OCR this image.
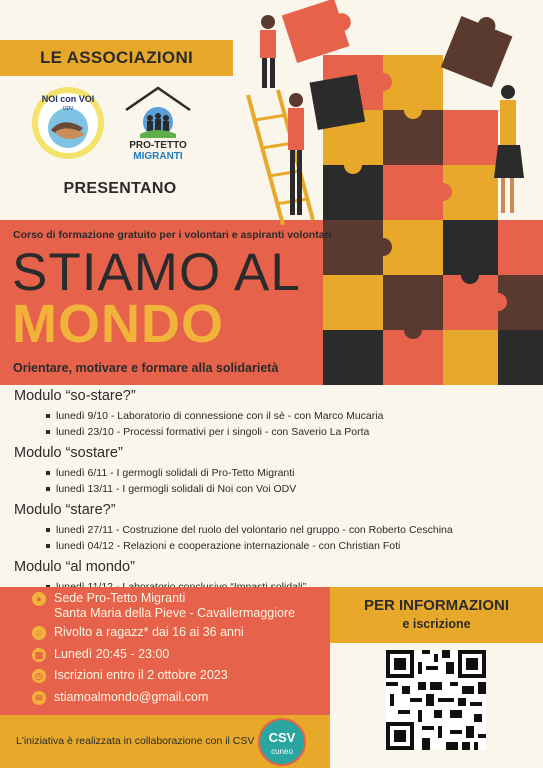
LE ASSOCIAZIONI
NOI con VOI
ODV
PRO-TETTO
MIGRANTI
PRESENTANO
Corso di formazione gratuito per i volontari e aspiranti volontari
STIAMO AL
MONDO
Orientare, motivare e formare alla solidarietà
Modulo “so-stare?”
lunedì 9/10 - Laboratorio di connessione con il sè - con Marco Mucaria
lunedì 23/10 - Processi formativi per i singoli - con Saverio La Porta
Modulo “sostare”
lunedì 6/11 - I germogli solidali di Pro-Tetto Migranti
lunedì 13/11 - I germogli solidali di Noi con Voi ODV
Modulo “stare?”
lunedì 27/11 - Costruzione del ruolo del volontario nel gruppo - con Roberto Ceschina
lunedì 04/12 - Relazioni e cooperazione internazionale - con Christian Foti
Modulo “al mondo”
● Sede Pro-Tetto Migranti
Santa Maria della Pieve - Cavallermaggiore
☺ Rivolto a ragazz* dai 16 ai 36 anni
▦ Lunedì 20:45 - 23:00
◷ Iscrizioni entro il 2 ottobre 2023
✉ stiamoalmondo@gmail.com
PER INFORMAZIONI
e iscrizione
L'iniziativa è realizzata in collaborazione con il CSV CSV
cuneo
